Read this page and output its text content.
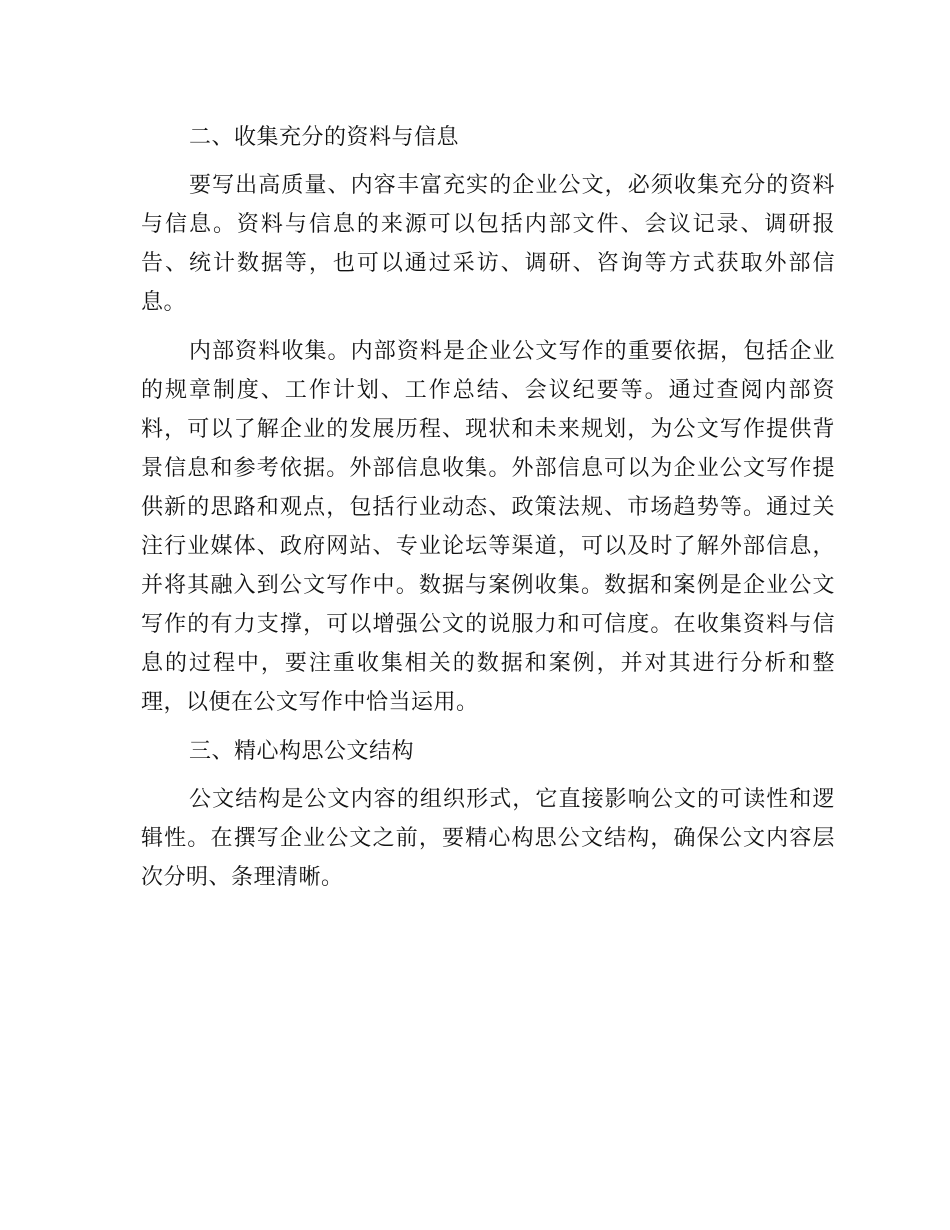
二、收集充分的资料与信息

要写出高质量、内容丰富充实的企业公文，必须收集充分的资料与信息。资料与信息的来源可以包括内部文件、会议记录、调研报告、统计数据等，也可以通过采访、调研、咨询等方式获取外部信息。

内部资料收集。内部资料是企业公文写作的重要依据，包括企业的规章制度、工作计划、工作总结、会议纪要等。通过查阅内部资料，可以了解企业的发展历程、现状和未来规划，为公文写作提供背景信息和参考依据。外部信息收集。外部信息可以为企业公文写作提供新的思路和观点，包括行业动态、政策法规、市场趋势等。通过关注行业媒体、政府网站、专业论坛等渠道，可以及时了解外部信息，并将其融入到公文写作中。数据与案例收集。数据和案例是企业公文写作的有力支撑，可以增强公文的说服力和可信度。在收集资料与信息的过程中，要注重收集相关的数据和案例，并对其进行分析和整理，以便在公文写作中恰当运用。

三、精心构思公文结构

公文结构是公文内容的组织形式，它直接影响公文的可读性和逻辑性。在撰写企业公文之前，要精心构思公文结构，确保公文内容层次分明、条理清晰。
